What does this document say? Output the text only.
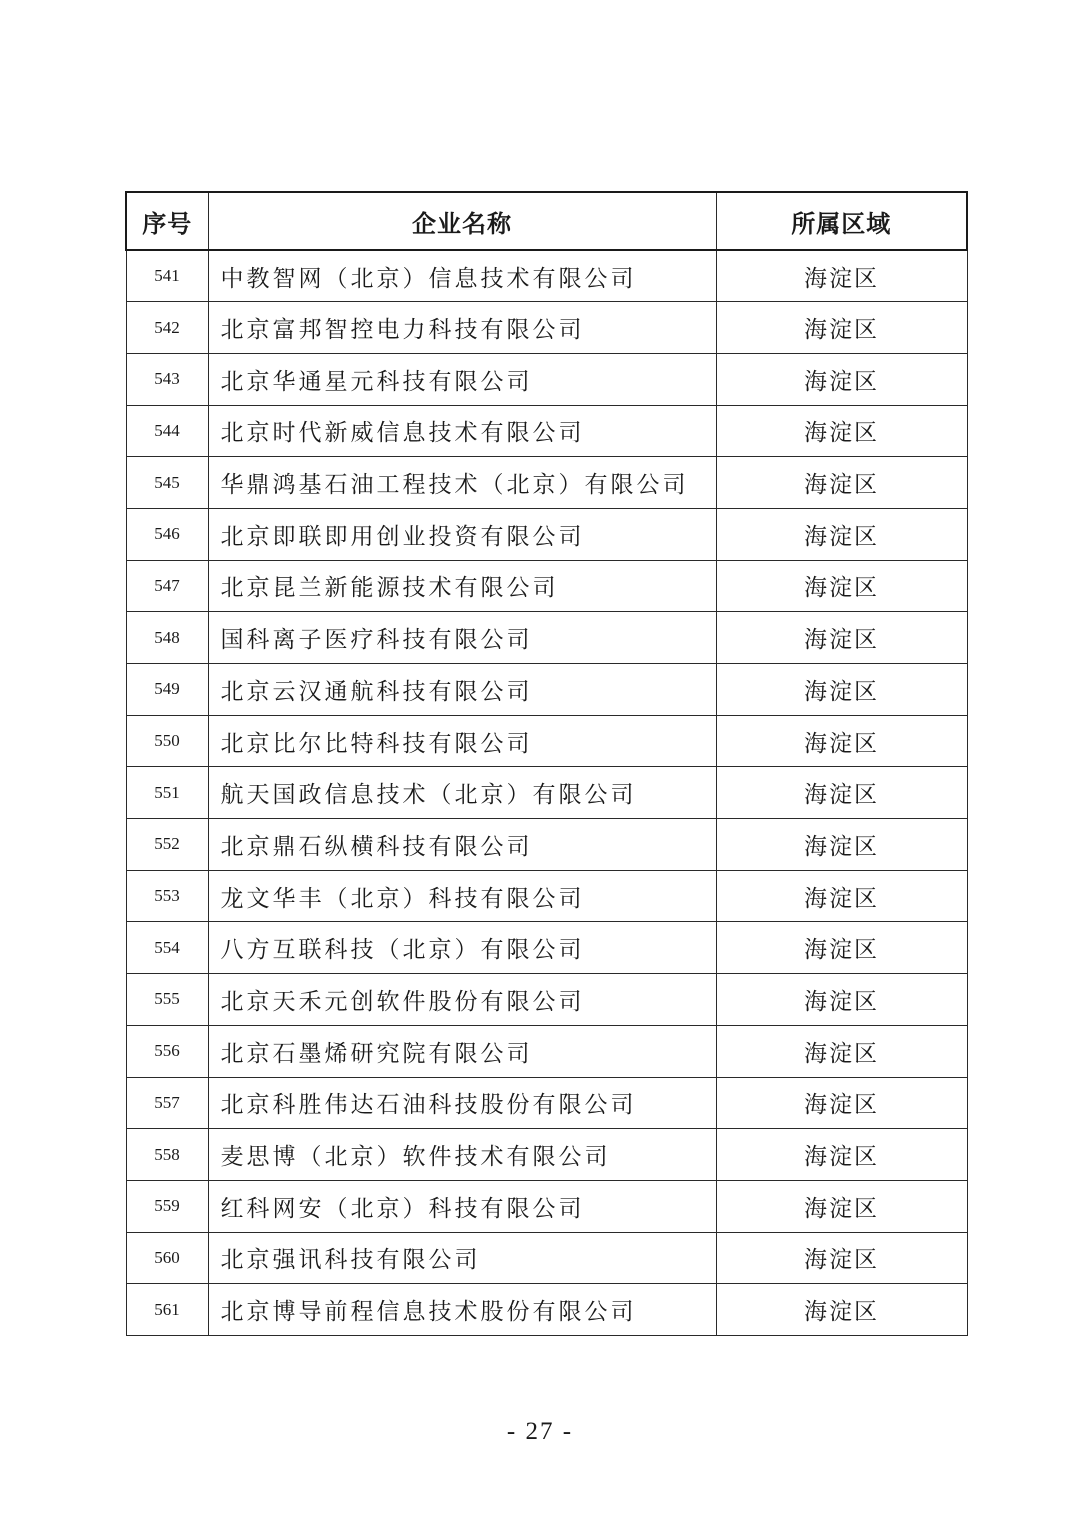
序号	企业名称	所属区域
541	中教智网（北京）信息技术有限公司	海淀区
542	北京富邦智控电力科技有限公司	海淀区
543	北京华通星元科技有限公司	海淀区
544	北京时代新威信息技术有限公司	海淀区
545	华鼎鸿基石油工程技术（北京）有限公司	海淀区
546	北京即联即用创业投资有限公司	海淀区
547	北京昆兰新能源技术有限公司	海淀区
548	国科离子医疗科技有限公司	海淀区
549	北京云汉通航科技有限公司	海淀区
550	北京比尔比特科技有限公司	海淀区
551	航天国政信息技术（北京）有限公司	海淀区
552	北京鼎石纵横科技有限公司	海淀区
553	龙文华丰（北京）科技有限公司	海淀区
554	八方互联科技（北京）有限公司	海淀区
555	北京天禾元创软件股份有限公司	海淀区
556	北京石墨烯研究院有限公司	海淀区
557	北京科胜伟达石油科技股份有限公司	海淀区
558	麦思博（北京）软件技术有限公司	海淀区
559	红科网安（北京）科技有限公司	海淀区
560	北京强讯科技有限公司	海淀区
561	北京博导前程信息技术股份有限公司	海淀区
- 27 -
